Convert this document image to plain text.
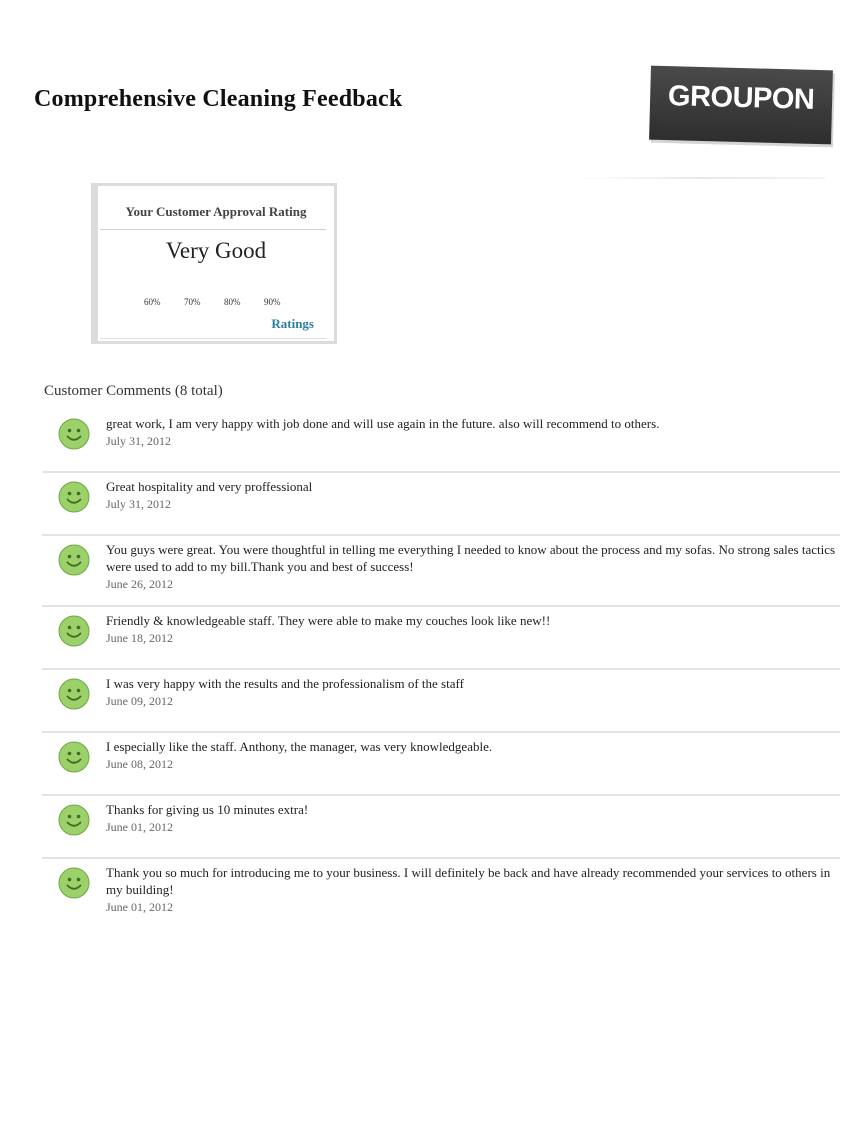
Comprehensive Cleaning Feedback	GROUPON
Your Customer Approval Rating
Very Good
60%	70%	80%	90%
Ratings
Customer Comments (8 total)
great work, I am very happy with job done and will use again in the future. also will recommend to others.
July 31, 2012
Great hospitality and very proffessional
July 31, 2012
You guys were great. You were thoughtful in telling me everything I needed to know about the process and my sofas. No strong sales tactics were used to add to my bill.Thank you and best of success!
June 26, 2012
Friendly & knowledgeable staff. They were able to make my couches look like new!!
June 18, 2012
I was very happy with the results and the professionalism of the staff
June 09, 2012
I especially like the staff. Anthony, the manager, was very knowledgeable.
June 08, 2012
Thanks for giving us 10 minutes extra!
June 01, 2012
Thank you so much for introducing me to your business. I will definitely be back and have already recommended your services to others in my building!
June 01, 2012
